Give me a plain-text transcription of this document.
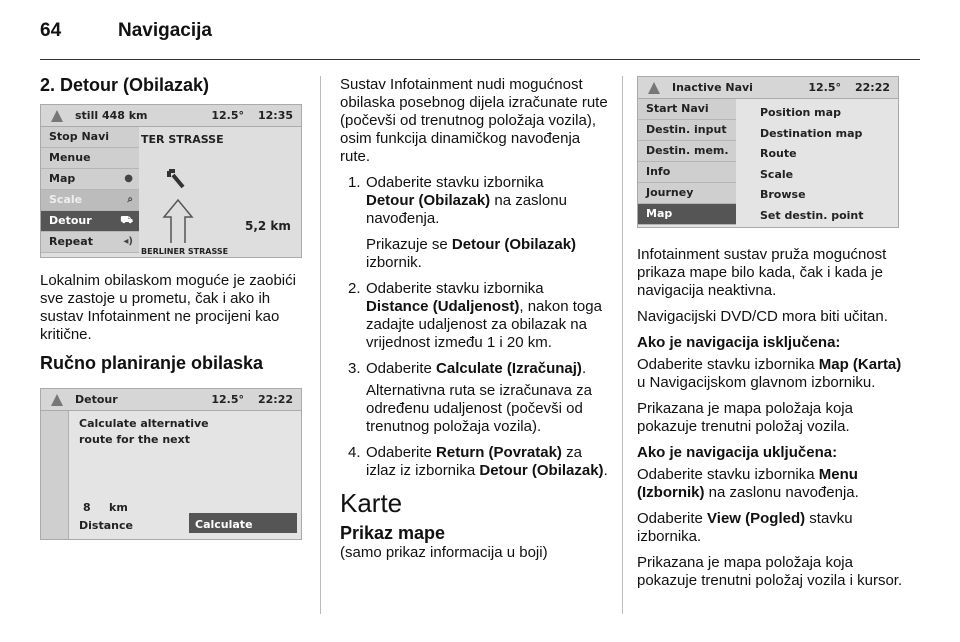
64	Navigacija
2. Detour (Obilazak)
still 448 km	12.5° 12:35
Stop Navi
Menue
Map	●
Scale	⌕
Detour	⛟
Repeat	◂)
TER STRASSE
5,2 km
BERLINER STRASSE

Lokalnim obilaskom moguće je zaobići sve zastoje u prometu, čak i ako ih sustav Infotainment ne procijeni kao kritične.

Ručno planiranje obilaska
Detour	12.5° 22:22
Calculate alternative
route for the next
8 km
Distance	Calculate

Sustav Infotainment nudi mogućnost obilaska posebnog dijela izračunate rute (počevši od trenutnog položaja vozila), osim funkcija dinamičkog navođenja rute.

1. Odaberite stavku izbornika
Detour (Obilazak) na zaslonu navođenja.
Prikazuje se Detour (Obilazak) izbornik.
2. Odaberite stavku izbornika
Distance (Udaljenost), nakon toga zadajte udaljenost za obilazak na vrijednost između 1 i 20 km.
3. Odaberite Calculate (Izračunaj).
Alternativna ruta se izračunava za određenu udaljenost (počevši od trenutnog položaja vozila).
4. Odaberite Return (Povratak) za izlaz iz izbornika Detour (Obilazak).
Karte
Prikaz mape
(samo prikaz informacija u boji)
Inactive Navi	12.5° 22:22
Start Navi
Destin. input
Destin. mem.
Info
Journey
Map
Position map
Destination map
Route
Scale
Browse
Set destin. point

Infotainment sustav pruža mogućnost prikaza mape bilo kada, čak i kada je navigacija neaktivna.

Navigacijski DVD/CD mora biti učitan.

Ako je navigacija isključena:

Odaberite stavku izbornika Map (Karta) u Navigacijskom glavnom izborniku.

Prikazana je mapa položaja koja pokazuje trenutni položaj vozila.

Ako je navigacija uključena:

Odaberite stavku izbornika Menu (Izbornik) na zaslonu navođenja.

Odaberite View (Pogled) stavku izbornika.

Prikazana je mapa položaja koja pokazuje trenutni položaj vozila i kursor.
